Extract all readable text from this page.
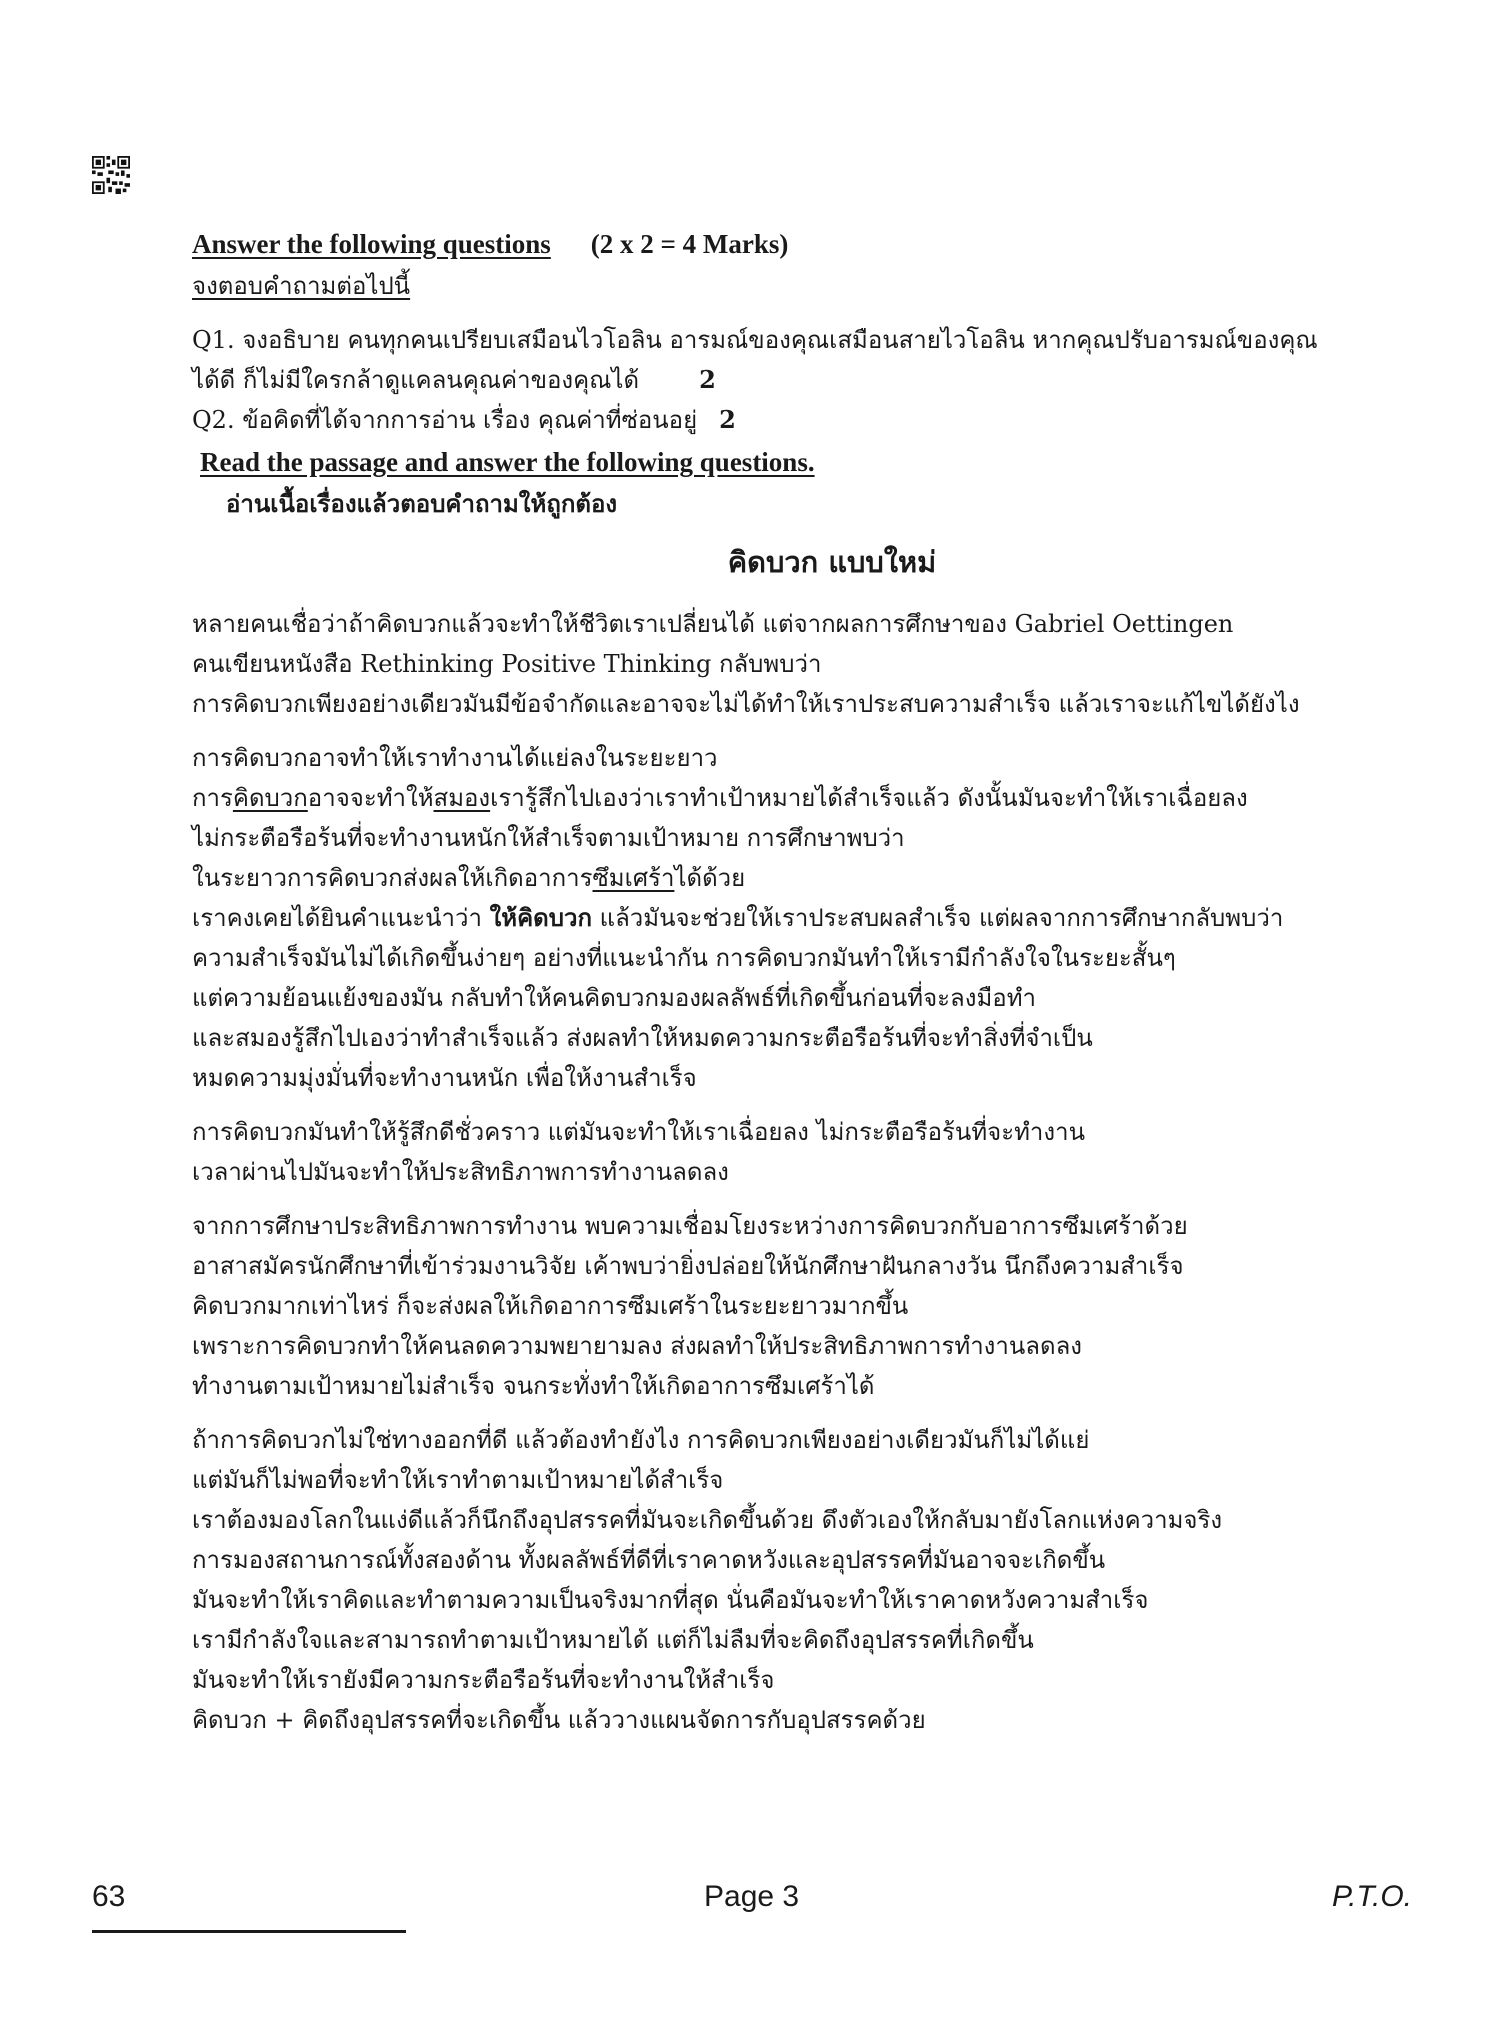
Answer the following questions (2 x 2 = 4 Marks)
จงตอบคำถามต่อไปนี้
Q1. จงอธิบาย คนทุกคนเปรียบเสมือนไวโอลิน อารมณ์ของคุณเสมือนสายไวโอลิน หากคุณปรับอารมณ์ของคุณ
ได้ดี ก็ไม่มีใครกล้าดูแคลนคุณค่าของคุณได้	2
Q2. ข้อคิดที่ได้จากการอ่าน เรื่อง คุณค่าที่ซ่อนอยู่ 2
Read the passage and answer the following questions.
อ่านเนื้อเรื่องแล้วตอบคำถามให้ถูกต้อง
คิดบวก แบบใหม่
หลายคนเชื่อว่าถ้าคิดบวกแล้วจะทำให้ชีวิตเราเปลี่ยนได้ แต่จากผลการศึกษาของ Gabriel Oettingen
คนเขียนหนังสือ Rethinking Positive Thinking กลับพบว่า
การคิดบวกเพียงอย่างเดียวมันมีข้อจำกัดและอาจจะไม่ได้ทำให้เราประสบความสำเร็จ แล้วเราจะแก้ไขได้ยังไง
การคิดบวกอาจทำให้เราทำงานได้แย่ลงในระยะยาว
การคิดบวกอาจจะทำให้สมองเรารู้สึกไปเองว่าเราทำเป้าหมายได้สำเร็จแล้ว ดังนั้นมันจะทำให้เราเฉื่อยลง
ไม่กระตือรือร้นที่จะทำงานหนักให้สำเร็จตามเป้าหมาย การศึกษาพบว่า
ในระยาวการคิดบวกส่งผลให้เกิดอาการซึมเศร้าได้ด้วย
เราคงเคยได้ยินคำแนะนำว่า ให้คิดบวก แล้วมันจะช่วยให้เราประสบผลสำเร็จ แต่ผลจากการศึกษากลับพบว่า
ความสำเร็จมันไม่ได้เกิดขึ้นง่ายๆ อย่างที่แนะนำกัน การคิดบวกมันทำให้เรามีกำลังใจในระยะสั้นๆ
แต่ความย้อนแย้งของมัน กลับทำให้คนคิดบวกมองผลลัพธ์ที่เกิดขึ้นก่อนที่จะลงมือทำ
และสมองรู้สึกไปเองว่าทำสำเร็จแล้ว ส่งผลทำให้หมดความกระตือรือร้นที่จะทำสิ่งที่จำเป็น
หมดความมุ่งมั่นที่จะทำงานหนัก เพื่อให้งานสำเร็จ
การคิดบวกมันทำให้รู้สึกดีชั่วคราว แต่มันจะทำให้เราเฉื่อยลง ไม่กระตือรือร้นที่จะทำงาน
เวลาผ่านไปมันจะทำให้ประสิทธิภาพการทำงานลดลง
จากการศึกษาประสิทธิภาพการทำงาน พบความเชื่อมโยงระหว่างการคิดบวกกับอาการซึมเศร้าด้วย
อาสาสมัครนักศึกษาที่เข้าร่วมงานวิจัย เค้าพบว่ายิ่งปล่อยให้นักศึกษาฝันกลางวัน นึกถึงความสำเร็จ
คิดบวกมากเท่าไหร่ ก็จะส่งผลให้เกิดอาการซึมเศร้าในระยะยาวมากขึ้น
เพราะการคิดบวกทำให้คนลดความพยายามลง ส่งผลทำให้ประสิทธิภาพการทำงานลดลง
ทำงานตามเป้าหมายไม่สำเร็จ จนกระทั่งทำให้เกิดอาการซึมเศร้าได้
ถ้าการคิดบวกไม่ใช่ทางออกที่ดี แล้วต้องทำยังไง การคิดบวกเพียงอย่างเดียวมันก็ไม่ได้แย่
แต่มันก็ไม่พอที่จะทำให้เราทำตามเป้าหมายได้สำเร็จ
เราต้องมองโลกในแง่ดีแล้วก็นึกถึงอุปสรรคที่มันจะเกิดขึ้นด้วย ดึงตัวเองให้กลับมายังโลกแห่งความจริง
การมองสถานการณ์ทั้งสองด้าน ทั้งผลลัพธ์ที่ดีที่เราคาดหวังและอุปสรรคที่มันอาจจะเกิดขึ้น
มันจะทำให้เราคิดและทำตามความเป็นจริงมากที่สุด นั่นคือมันจะทำให้เราคาดหวังความสำเร็จ
เรามีกำลังใจและสามารถทำตามเป้าหมายได้ แต่ก็ไม่ลืมที่จะคิดถึงอุปสรรคที่เกิดขึ้น
มันจะทำให้เรายังมีความกระตือรือร้นที่จะทำงานให้สำเร็จ
คิดบวก + คิดถึงอุปสรรคที่จะเกิดขึ้น แล้ววางแผนจัดการกับอุปสรรคด้วย
63	Page 3	P.T.O.
